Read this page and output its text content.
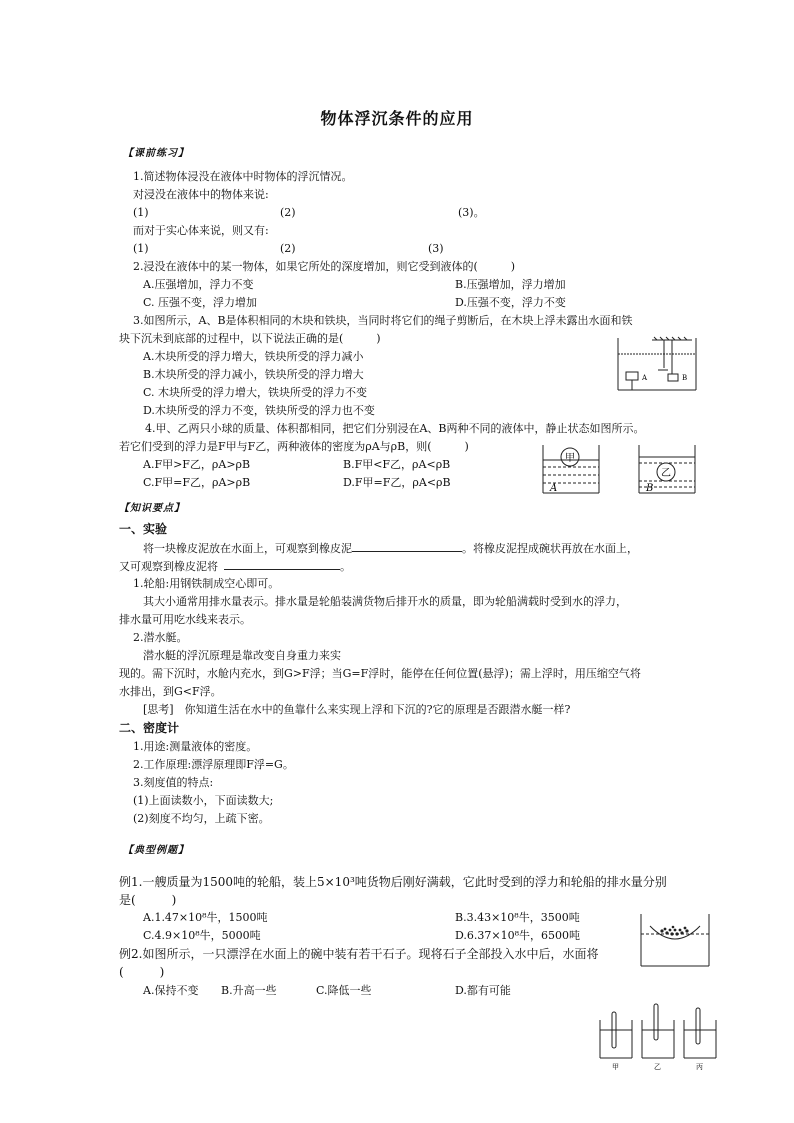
物体浮沉条件的应用
【课前练习】
1.简述物体浸没在液体中时物体的浮沉情况。
对浸没在液体中的物体来说:
(1)	(2)	(3)。
而对于实心体来说，则又有:
(1)	(2)	(3)
2.浸没在液体中的某一物体，如果它所处的深度增加，则它受到液体的(　　　)
A.压强增加，浮力不变	B.压强增加，浮力增加
C. 压强不变，浮力增加	D.压强不变，浮力不变
3.如图所示，A、B是体积相同的木块和铁块，当同时将它们的绳子剪断后，在木块上浮未露出水面和铁
块下沉未到底部的过程中，以下说法正确的是(　　　)
A.木块所受的浮力增大，铁块所受的浮力减小
B.木块所受的浮力减小，铁块所受的浮力增大
C. 木块所受的浮力增大，铁块所受的浮力不变
D.木块所受的浮力不变，铁块所受的浮力也不变
A	B
4.甲、乙两只小球的质量、体积都相同，把它们分别浸在A、B两种不同的液体中，静止状态如图所示。
若它们受到的浮力是F甲与F乙，两种液体的密度为ρA与ρB，则(　　　)
A.F甲>F乙，ρA>ρB	B.F甲<F乙，ρA<ρB
C.F甲=F乙，ρA>ρB	D.F甲=F乙，ρA<ρB
甲
A
乙
B
【知识要点】
一、实验
将一块橡皮泥放在水面上，可观察到橡皮泥	。将橡皮泥捏成碗状再放在水面上，
又可观察到橡皮泥将	。
1.轮船:用钢铁制成空心即可。
其大小通常用排水量表示。排水量是轮船装满货物后排开水的质量，即为轮船满载时受到水的浮力，
排水量可用吃水线来表示。
2.潜水艇。
潜水艇的浮沉原理是靠改变自身重力来实
现的。需下沉时，水舱内充水，到G>F浮；当G=F浮时，能停在任何位置(悬浮)；需上浮时，用压缩空气将
水排出，到G<F浮。
[思考]　你知道生活在水中的鱼靠什么来实现上浮和下沉的?它的原理是否跟潜水艇一样?
二、密度计
1.用途:测量液体的密度。
2.工作原理:漂浮原理即F浮=G。
3.刻度值的特点:
(1)上面读数小，下面读数大;
(2)刻度不均匀，上疏下密。
【典型例题】
例1.一艘质量为1500吨的轮船，装上5×10³吨货物后刚好满载，它此时受到的浮力和轮船的排水量分别
是(　　　)
A.1.47×10⁸牛，1500吨	B.3.43×10⁸牛，3500吨
C.4.9×10⁸牛，5000吨	D.6.37×10⁸牛，6500吨
例2.如图所示，一只漂浮在水面上的碗中装有若干石子。现将石子全部投入水中后，水面将
(　　　)
A.保持不变 B.升高一些	C.降低一些	D.都有可能
甲	乙	丙
